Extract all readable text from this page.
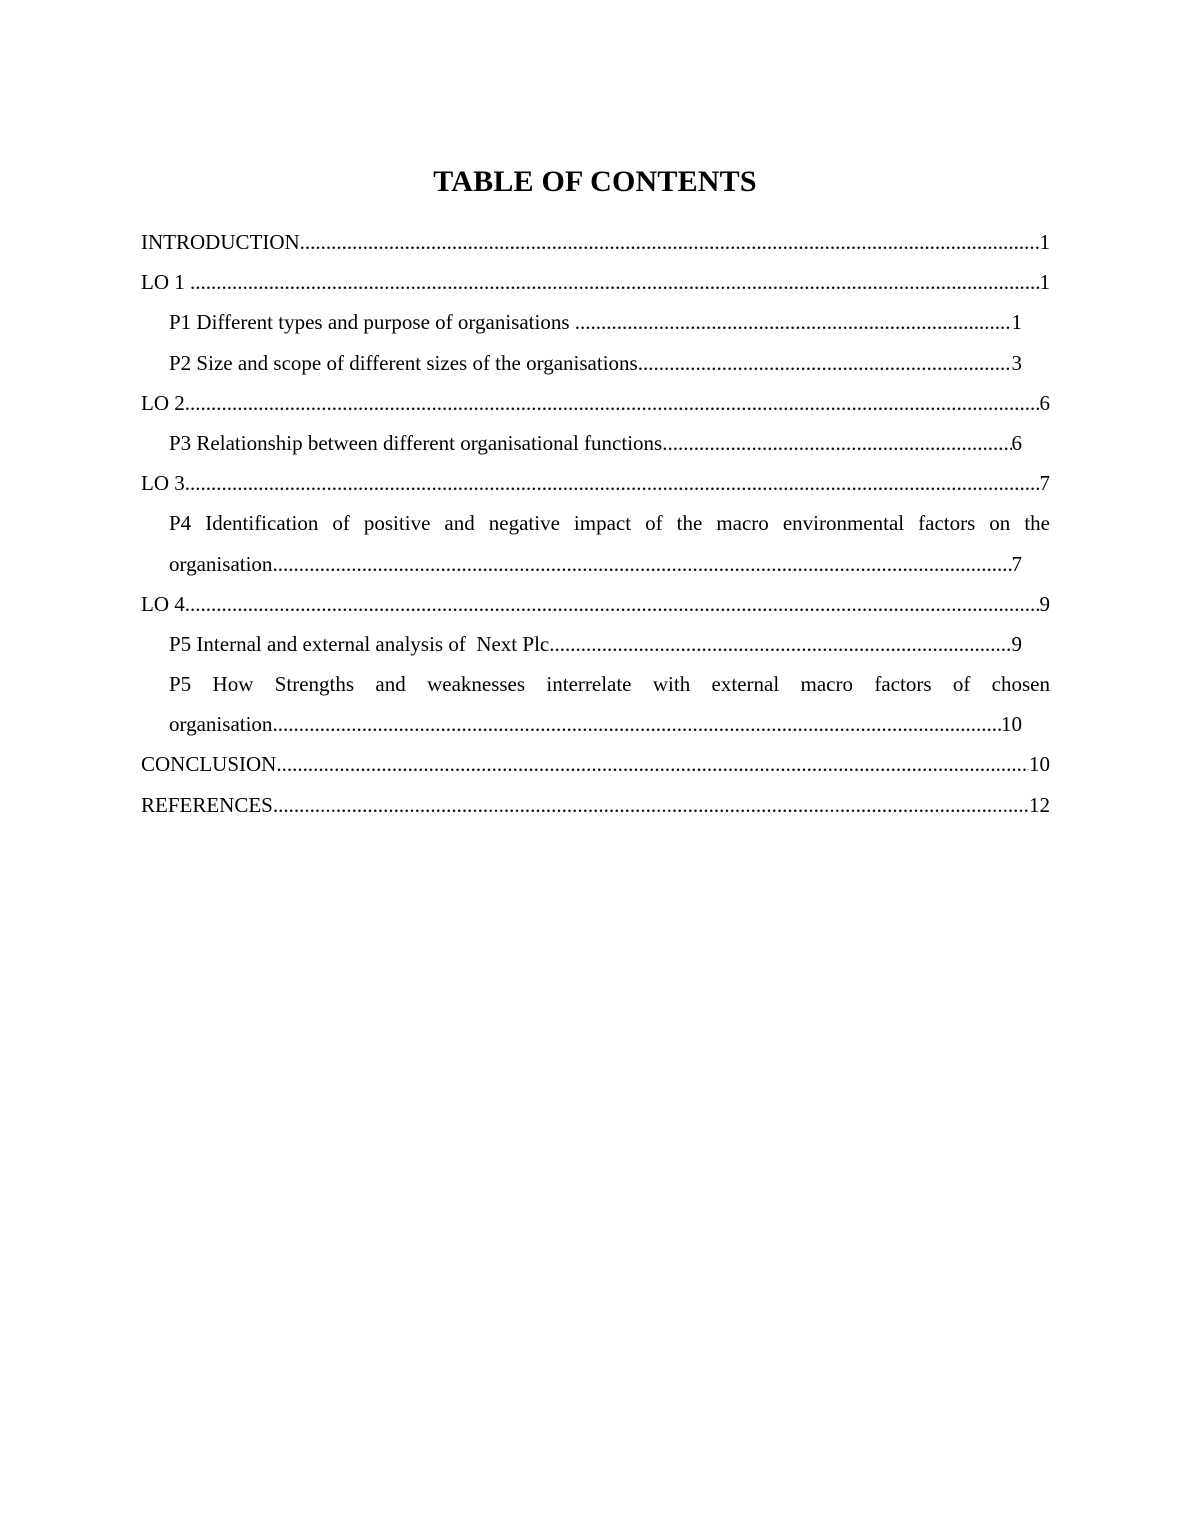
TABLE OF CONTENTS
INTRODUCTION .....	1
LO 1 .....	1
P1 Different types and purpose of organisations .....	1
P2 Size and scope of different sizes of the organisations .....	3
LO 2 .....	6
P3 Relationship between different organisational functions .....	6
LO 3 .....	7
P4 Identification of positive and negative impact of the macro environmental factors on the
organisation .....	7
LO 4 .....	9
P5 Internal and external analysis of  Next Plc .....	9
P5 How Strengths and weaknesses interrelate with external macro factors of chosen
organisation .....	10
CONCLUSION .....	10
REFERENCES .....	12
